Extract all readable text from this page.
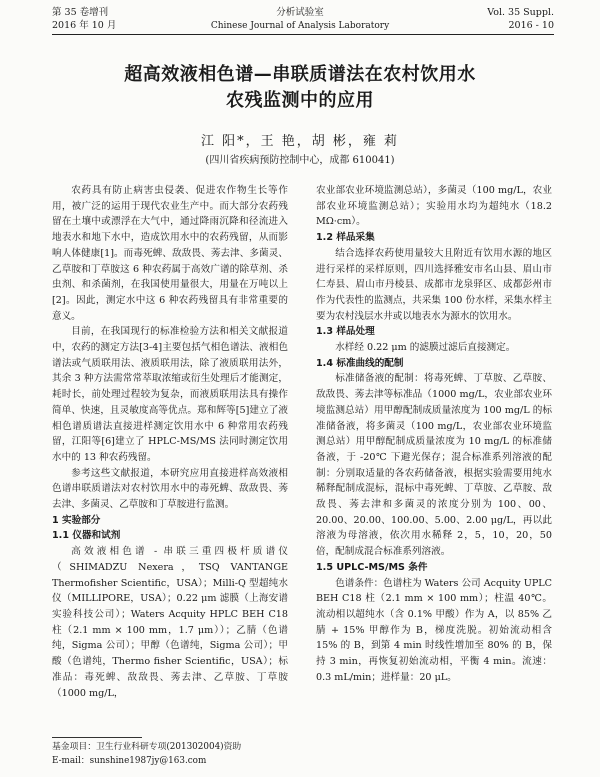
第 35 卷增刊
2016 年 10 月
分析试验室
Chinese Journal of Analysis Laboratory
Vol. 35 Suppl.
2016 - 10
超高效液相色谱—串联质谱法在农村饮用水
农残监测中的应用
江 阳*，王 艳，胡 彬，雍 莉
(四川省疾病预防控制中心，成都 610041)

农药具有防止病害虫侵袭、促进农作物生长等作用，被广泛的运用于现代农业生产中。而大部分农药残留在土壤中或漂浮在大气中，通过降雨沉降和径流进入地表水和地下水中，造成饮用水中的农药残留，从而影响人体健康[1]。而毒死蜱、敌敌畏、莠去津、多菌灵、乙草胺和丁草胺这 6 种农药属于高效广谱的除草剂、杀虫剂、和杀菌剂，在我国使用量很大，用量在万吨以上[2]。因此，测定水中这 6 种农药残留具有非常重要的意义。

目前，在我国现行的标准检验方法和相关文献报道中，农药的测定方法[3-4]主要包括气相色谱法、液相色谱法或气质联用法、液质联用法，除了液质联用法外，其余 3 种方法需常常萃取浓缩或衍生处理后才能测定，耗时长，前处理过程较为复杂，而液质联用法具有操作简单、快速，且灵敏度高等优点。郑和辉等[5]建立了液相色谱质谱法直接进样测定饮用水中 6 种常用农药残留，江阳等[6]建立了 HPLC-MS/MS 法同时测定饮用水中的 13 种农药残留。

参考这些文献报道，本研究应用直接进样高效液相色谱串联质谱法对农村饮用水中的毒死蜱、敌敌畏、莠去津、多菌灵、乙草胺和丁草胺进行监测。

1 实验部分

1.1 仪器和试剂

高效液相色谱 - 串联三重四极杆质谱仪（SHIMADZU Nexera，TSQ VANTANGE Thermofisher Scientific，USA）；Milli-Q 型超纯水仪（MILLIPORE，USA）；0.22 μm 滤膜（上海安谱实验科技公司）；Waters Acquity HPLC BEH C18 柱（2.1 mm × 100 mm，1.7 μm））；乙腈（色谱纯，Sigma 公司）；甲醇（色谱纯，Sigma 公司）；甲酸（色谱纯，Thermo fisher Scientific，USA）；标准品：毒死蜱、敌敌畏、莠去津、乙草胺、丁草胺（1000 mg/L，

农业部农业环境监测总站），多菌灵（100 mg/L，农业部农业环境监测总站）；实验用水均为超纯水（18.2 MΩ·cm）。

1.2 样品采集

结合选择农药使用量较大且附近有饮用水源的地区进行采样的采样原则，四川选择雅安市名山县、眉山市仁寿县、眉山市丹棱县、成都市龙泉驿区、成都彭州市作为代表性的监测点，共采集 100 份水样，采集水样主要为农村浅层水井或以地表水为源水的饮用水。

1.3 样品处理

水样经 0.22 μm 的滤膜过滤后直接测定。

1.4 标准曲线的配制

标准储备液的配制：将毒死蜱、丁草胺、乙草胺、敌敌畏、莠去津等标准品（1000 mg/L，农业部农业环境监测总站）用甲醇配制成质量浓度为 100 mg/L 的标准储备液，将多菌灵（100 mg/L，农业部农业环境监测总站）用甲醇配制成质量浓度为 10 mg/L 的标准储备液，于 -20℃ 下避光保存；混合标准系列溶液的配制：分别取适量的各农药储备液，根据实验需要用纯水稀释配制成混标，混标中毒死蜱、丁草胺、乙草胺、敌敌畏、莠去津和多菌灵的浓度分别为 100、00、20.00、20.00、100.00、5.00、2.00 μg/L，再以此溶液为母溶液，依次用水稀释 2，5，10，20，50 倍，配制成混合标准系列溶液。

1.5 UPLC-MS/MS 条件

色谱条件：色谱柱为 Waters 公司 Acquity UPLC BEH C18 柱（2.1 mm × 100 mm）；柱温 40℃。流动相以超纯水（含 0.1% 甲酸）作为 A，以 85% 乙腈 + 15% 甲醇作为 B，梯度洗脱。初始流动相含 15% 的 B，到第 4 min 时线性增加至 80% 的 B，保持 3 min，再恢复初始流动相，平衡 4 min。流速：0.3 mL/min；进样量：20 μL。

基金项目：卫生行业科研专项(201302004)资助
E-mail：sunshine1987jy@163.com
